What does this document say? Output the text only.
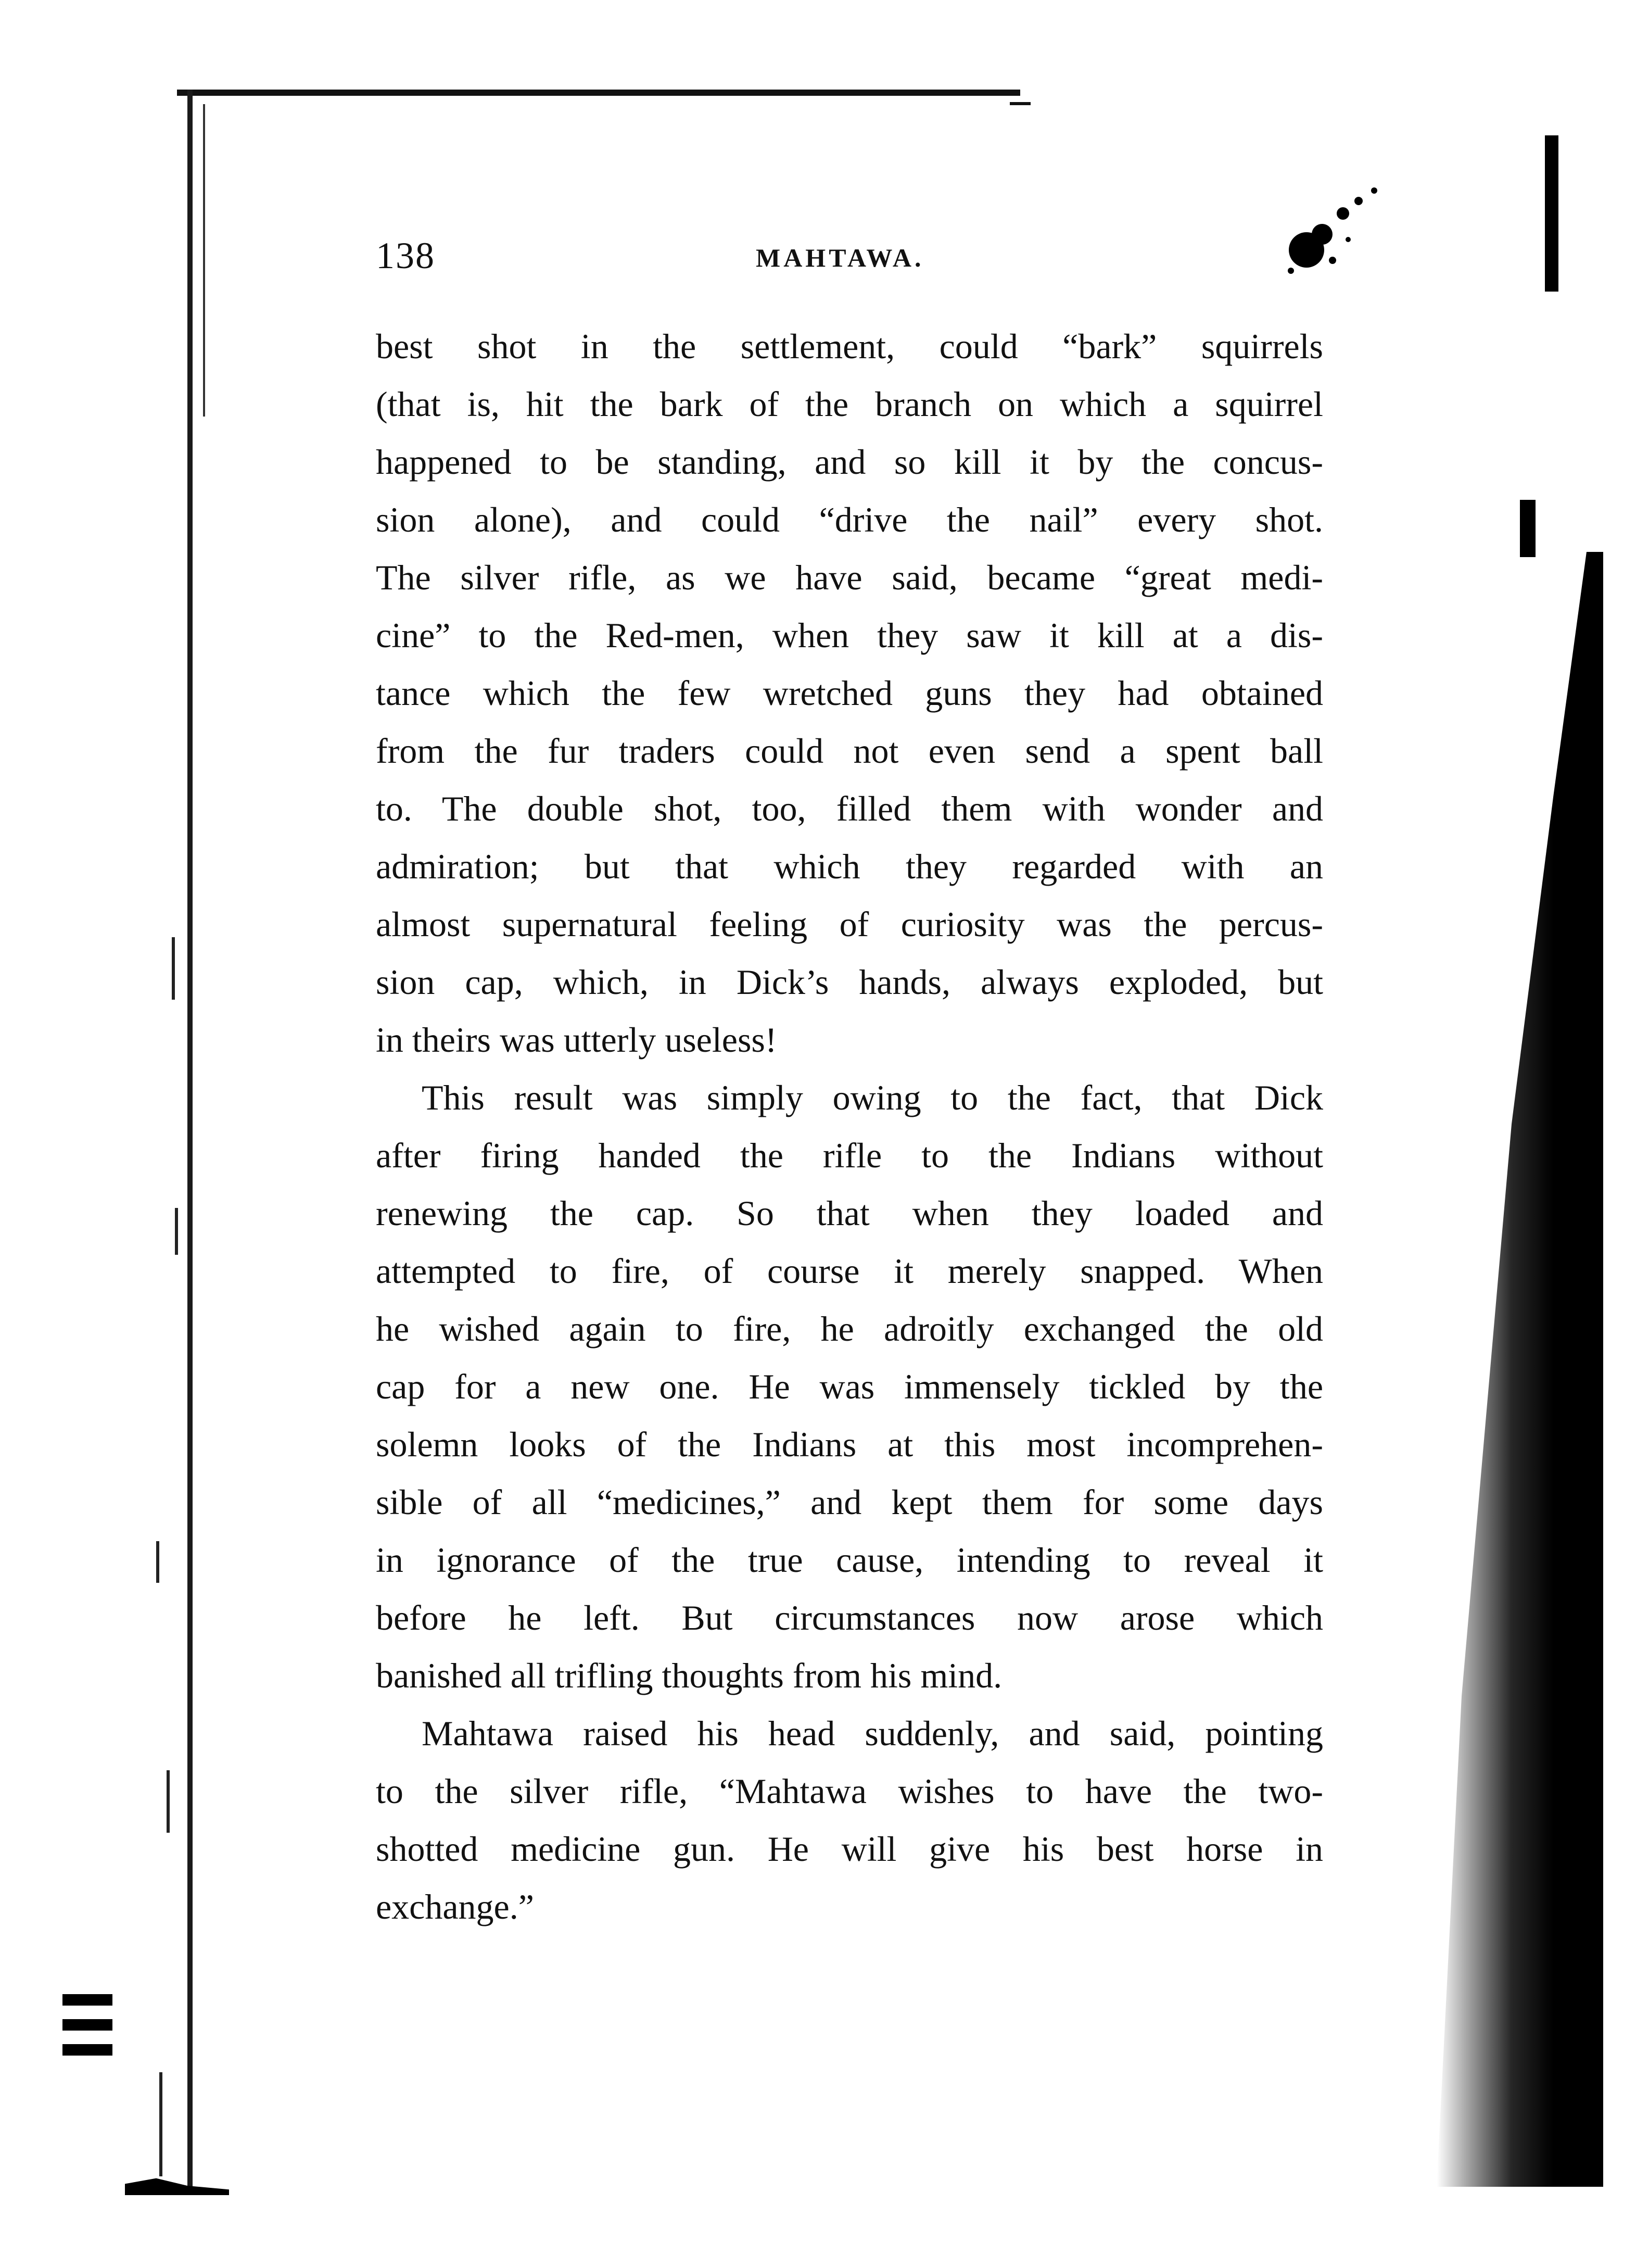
138	MAHTAWA.
best shot in the settlement, could “bark” squirrels
(that is, hit the bark of the branch on which a squirrel
happened to be standing, and so kill it by the concus-
sion alone), and could “drive the nail” every shot.
The silver rifle, as we have said, became “great medi-
cine” to the Red-men, when they saw it kill at a dis-
tance which the few wretched guns they had obtained
from the fur traders could not even send a spent ball
to. The double shot, too, filled them with wonder and
admiration; but that which they regarded with an
almost supernatural feeling of curiosity was the percus-
sion cap, which, in Dick’s hands, always exploded, but
in theirs was utterly useless!
This result was simply owing to the fact, that Dick
after firing handed the rifle to the Indians without
renewing the cap. So that when they loaded and
attempted to fire, of course it merely snapped. When
he wished again to fire, he adroitly exchanged the old
cap for a new one. He was immensely tickled by the
solemn looks of the Indians at this most incomprehen-
sible of all “medicines,” and kept them for some days
in ignorance of the true cause, intending to reveal it
before he left. But circumstances now arose which
banished all trifling thoughts from his mind.
Mahtawa raised his head suddenly, and said, pointing
to the silver rifle, “Mahtawa wishes to have the two-
shotted medicine gun. He will give his best horse in
exchange.”
